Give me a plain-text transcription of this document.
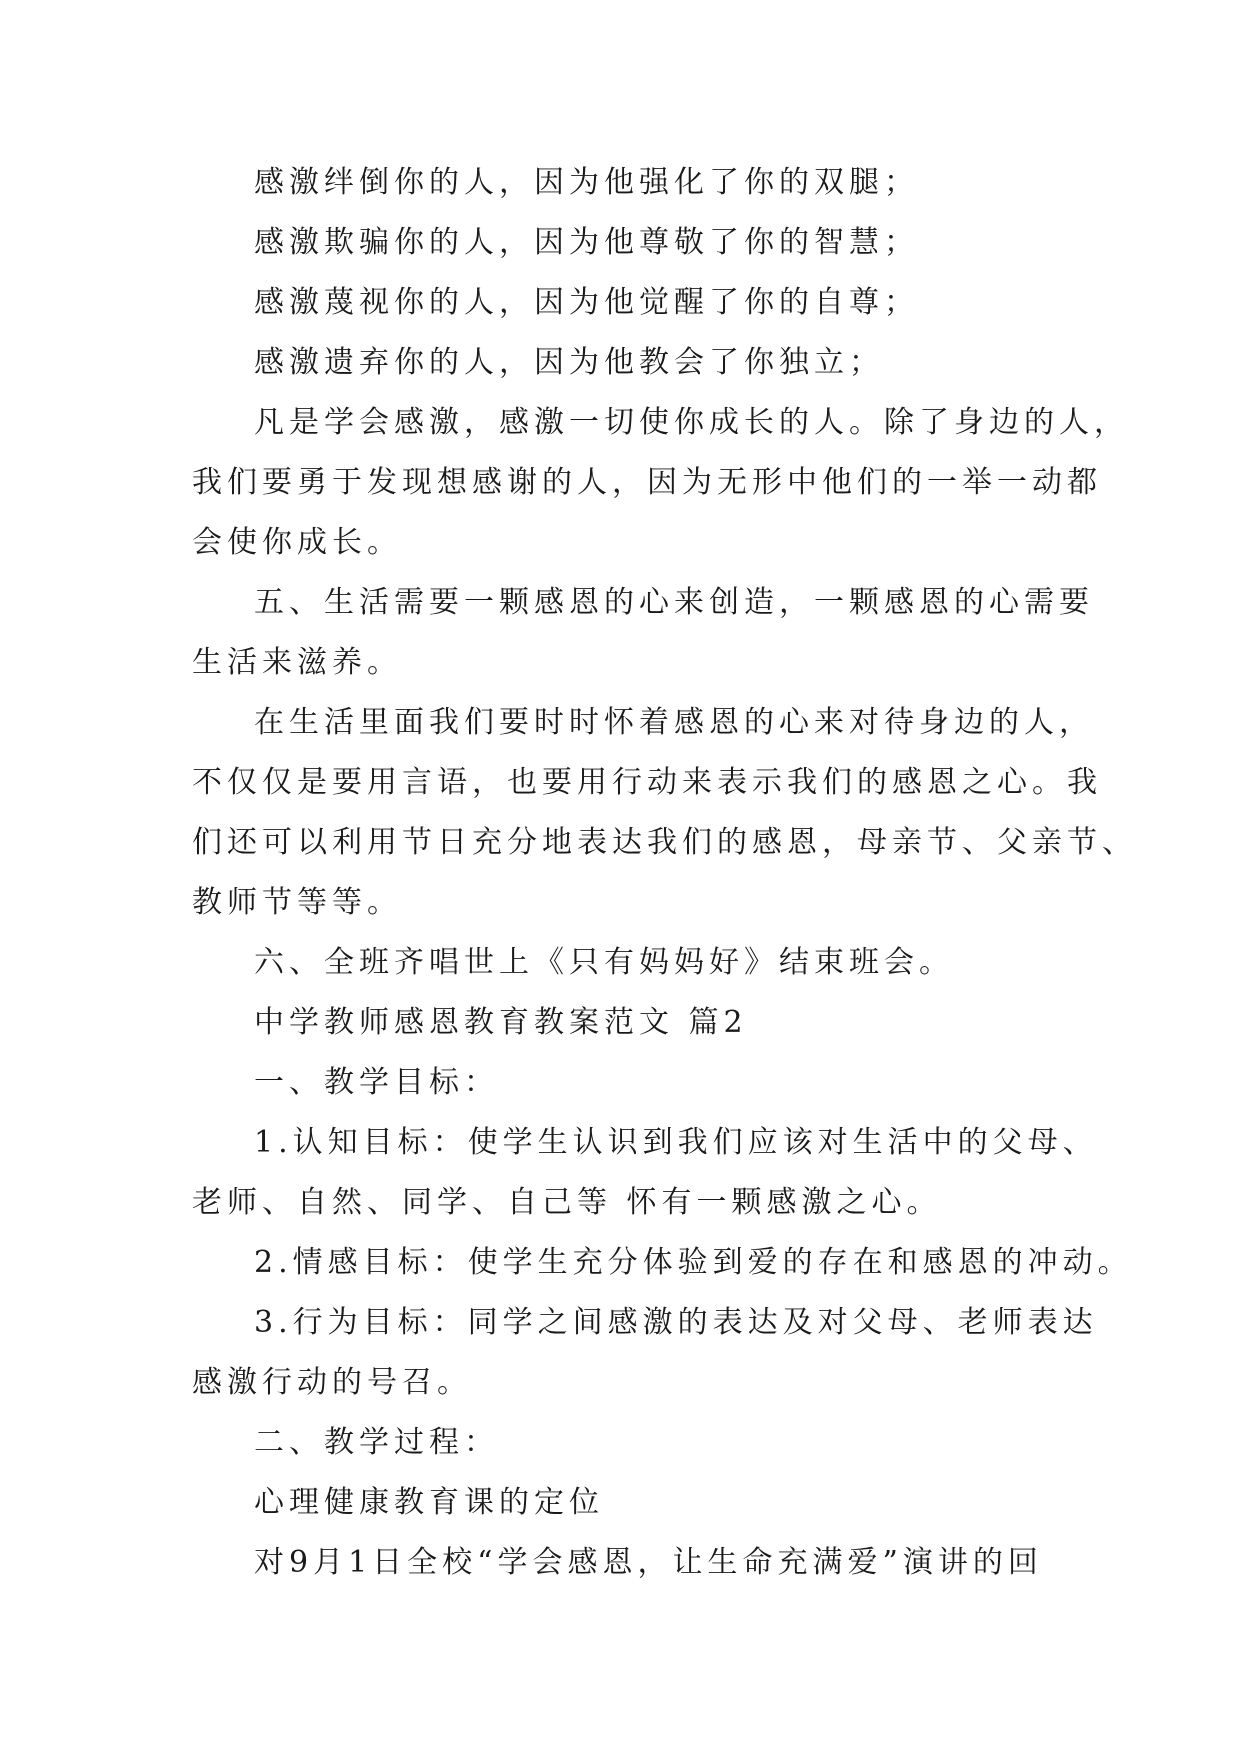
感激绊倒你的人，因为他强化了你的双腿；

感激欺骗你的人，因为他尊敬了你的智慧；

感激蔑视你的人，因为他觉醒了你的自尊；

感激遗弃你的人，因为他教会了你独立；

凡是学会感激，感激一切使你成长的人。除了身边的人，

我们要勇于发现想感谢的人，因为无形中他们的一举一动都

会使你成长。

五、生活需要一颗感恩的心来创造，一颗感恩的心需要

生活来滋养。

在生活里面我们要时时怀着感恩的心来对待身边的人，

不仅仅是要用言语，也要用行动来表示我们的感恩之心。我

们还可以利用节日充分地表达我们的感恩，母亲节、父亲节、

教师节等等。

六、全班齐唱世上《只有妈妈好》结束班会。

中学教师感恩教育教案范文 篇2

一、教学目标：

1.认知目标：使学生认识到我们应该对生活中的父母、

老师、自然、同学、自己等 怀有一颗感激之心。

2.情感目标：使学生充分体验到爱的存在和感恩的冲动。

3.行为目标：同学之间感激的表达及对父母、老师表达

感激行动的号召。

二、教学过程：

心理健康教育课的定位

对9月1日全校“学会感恩，让生命充满爱”演讲的回
